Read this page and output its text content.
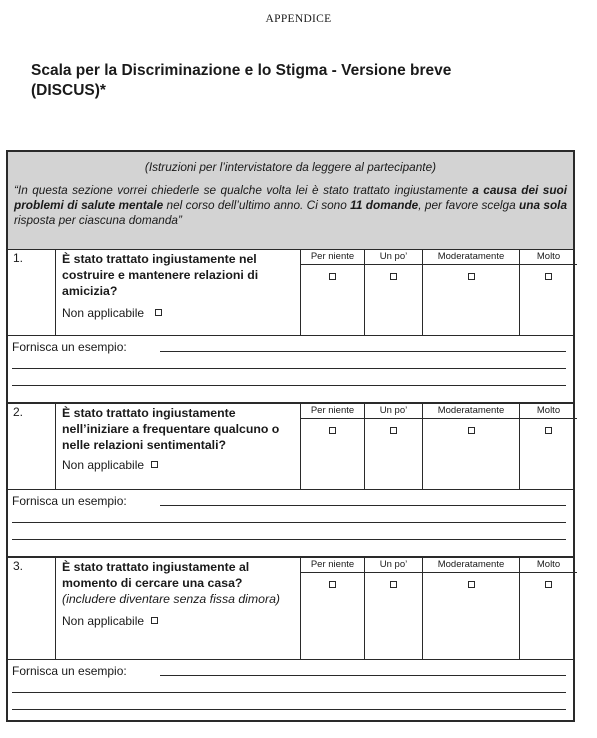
APPENDICE
Scala per la Discriminazione e lo Stigma - Versione breve (DISCUS)*
(Istruzioni per l’intervistatore da leggere al partecipante)
“In questa sezione vorrei chiederle se qualche volta lei è stato trattato ingiustamente a causa dei suoi problemi di salute mentale nel corso dell’ultimo anno. Ci sono 11 domande, per favore scelga una sola risposta per ciascuna domanda”
1.	È stato trattato ingiustamente nel costruire e mantenere relazioni di amicizia?
Non applicabile
Per niente	Un po’	Moderatamente	Molto
Fornisca un esempio:
2.	È stato trattato ingiustamente nell’iniziare a frequentare qualcuno o nelle relazioni sentimentali?
Non applicabile
Per niente	Un po’	Moderatamente	Molto
Fornisca un esempio:
3.	È stato trattato ingiustamente al momento di cercare una casa?
(includere diventare senza fissa dimora)
Non applicabile
Per niente	Un po’	Moderatamente	Molto
Fornisca un esempio:
